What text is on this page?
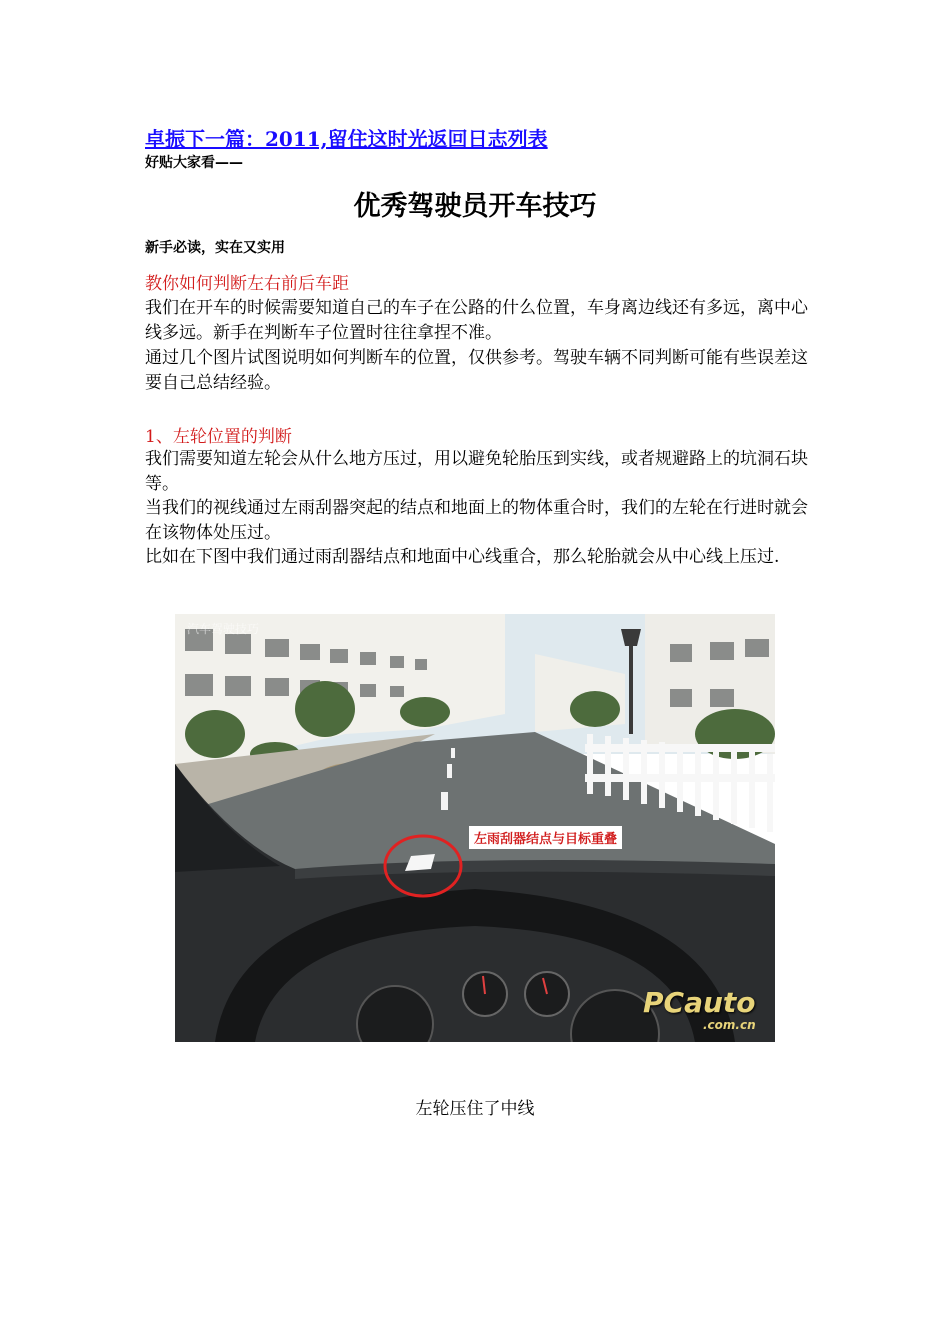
卓振下一篇：2011,留住这时光返回日志列表
好贴大家看——
优秀驾驶员开车技巧
新手必读，实在又实用
教你如何判断左右前后车距
我们在开车的时候需要知道自己的车子在公路的什么位置，车身离边线还有多远，离中心线多远。新手在判断车子位置时往往拿捏不准。
通过几个图片试图说明如何判断车的位置，仅供参考。驾驶车辆不同判断可能有些误差这要自己总结经验。
1、左轮位置的判断
我们需要知道左轮会从什么地方压过，用以避免轮胎压到实线，或者规避路上的坑洞石块等。
当我们的视线通过左雨刮器突起的结点和地面上的物体重合时，我们的左轮在行进时就会在该物体处压过。
比如在下图中我们通过雨刮器结点和地面中心线重合，那么轮胎就会从中心线上压过.
左雨刮器结点与目标重叠
汽车驾驶技巧
PCauto
.com.cn
左轮压住了中线
